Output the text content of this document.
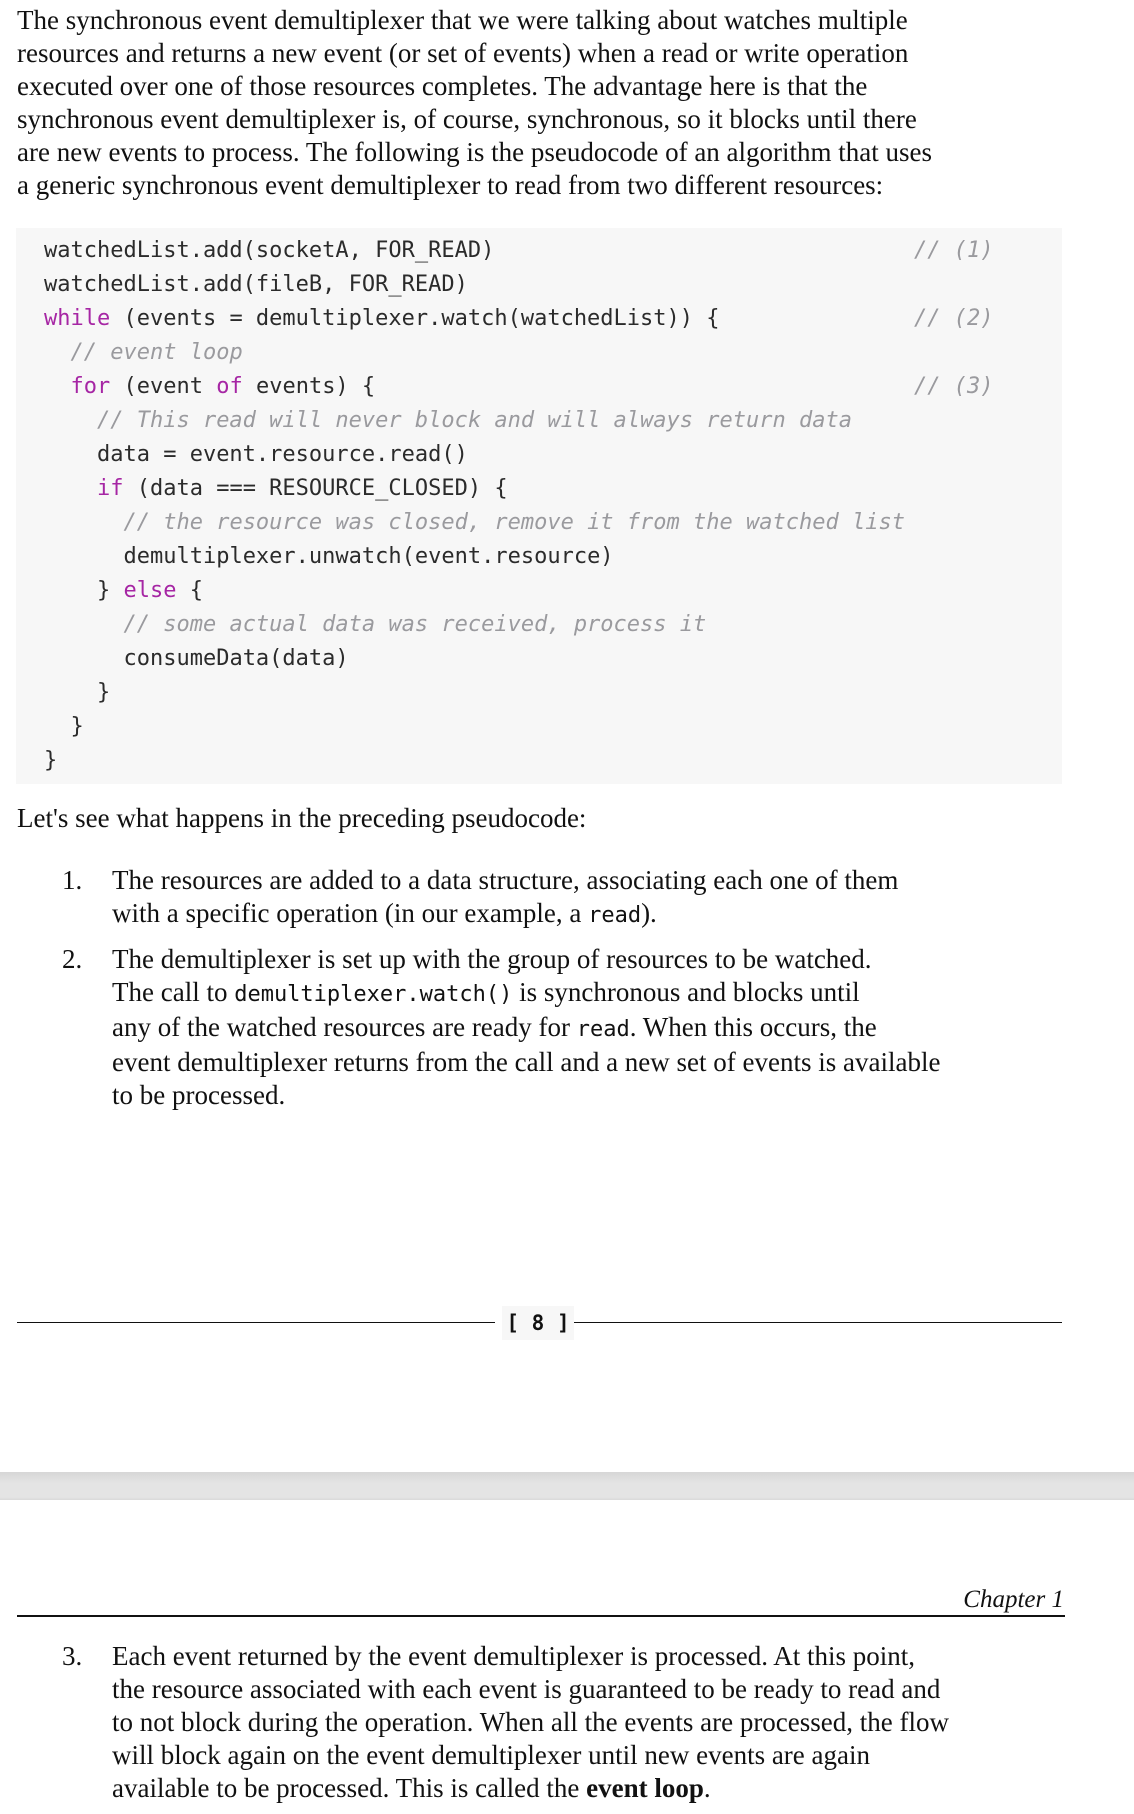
The synchronous event demultiplexer that we were talking about watches multiple
resources and returns a new event (or set of events) when a read or write operation
executed over one of those resources completes. The advantage here is that the
synchronous event demultiplexer is, of course, synchronous, so it blocks until there
are new events to process. The following is the pseudocode of an algorithm that uses
a generic synchronous event demultiplexer to read from two different resources:
watchedList.add(socketA, FOR_READ)	// (1)
watchedList.add(fileB, FOR_READ)
while (events = demultiplexer.watch(watchedList)) {	// (2)
// event loop
for (event of events) {	// (3)
// This read will never block and will always return data
data = event.resource.read()
if (data === RESOURCE_CLOSED) {
// the resource was closed, remove it from the watched list
demultiplexer.unwatch(event.resource)
} else {
// some actual data was received, process it
consumeData(data)
}
}
}
Let's see what happens in the preceding pseudocode:
1. The resources are added to a data structure, associating each one of them
with a specific operation (in our example, a read).
2. The demultiplexer is set up with the group of resources to be watched.
The call to demultiplexer.watch() is synchronous and blocks until
any of the watched resources are ready for read. When this occurs, the
event demultiplexer returns from the call and a new set of events is available
to be processed.
[ 8 ]
Chapter 1
3. Each event returned by the event demultiplexer is processed. At this point,
the resource associated with each event is guaranteed to be ready to read and
to not block during the operation. When all the events are processed, the flow
will block again on the event demultiplexer until new events are again
available to be processed. This is called the event loop.
